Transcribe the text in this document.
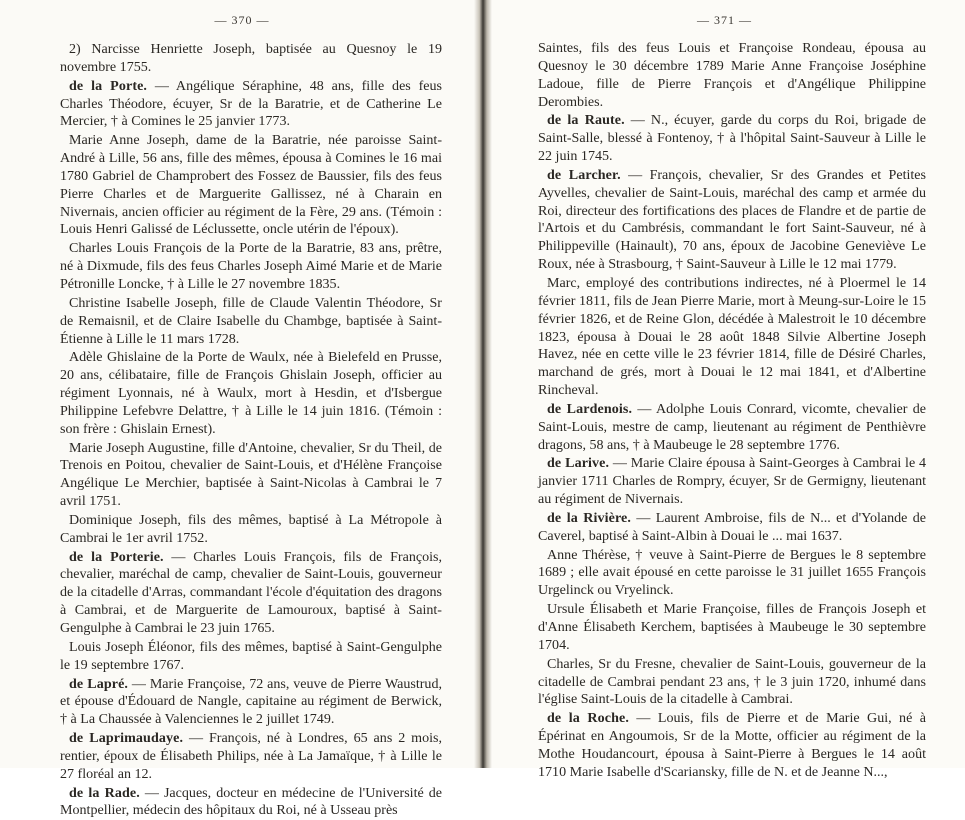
— 370 —

2) Narcisse Henriette Joseph, baptisée au Quesnoy le 19 novembre 1755.

de la Porte. — Angélique Séraphine, 48 ans, fille des feus Charles Théodore, écuyer, Sr de la Baratrie, et de Catherine Le Mercier, † à Comines le 25 janvier 1773.

Marie Anne Joseph, dame de la Baratrie, née paroisse Saint-André à Lille, 56 ans, fille des mêmes, épousa à Comines le 16 mai 1780 Gabriel de Champrobert des Fossez de Baussier, fils des feus Pierre Charles et de Marguerite Gallissez, né à Charain en Nivernais, ancien officier au régiment de la Fère, 29 ans. (Témoin : Louis Henri Galissé de Léclussette, oncle utérin de l'époux).

Charles Louis François de la Porte de la Baratrie, 83 ans, prêtre, né à Dixmude, fils des feus Charles Joseph Aimé Marie et de Marie Pétronille Loncke, † à Lille le 27 novembre 1835.

Christine Isabelle Joseph, fille de Claude Valentin Théodore, Sr de Remaisnil, et de Claire Isabelle du Chambge, baptisée à Saint-Étienne à Lille le 11 mars 1728.

Adèle Ghislaine de la Porte de Waulx, née à Bielefeld en Prusse, 20 ans, célibataire, fille de François Ghislain Joseph, officier au régiment Lyonnais, né à Waulx, mort à Hesdin, et d'Isbergue Philippine Lefebvre Delattre, † à Lille le 14 juin 1816. (Témoin : son frère : Ghislain Ernest).

Marie Joseph Augustine, fille d'Antoine, chevalier, Sr du Theil, de Trenois en Poitou, chevalier de Saint-Louis, et d'Hélène Françoise Angélique Le Merchier, baptisée à Saint-Nicolas à Cambrai le 7 avril 1751.

Dominique Joseph, fils des mêmes, baptisé à La Métropole à Cambrai le 1er avril 1752.

de la Porterie. — Charles Louis François, fils de François, chevalier, maréchal de camp, chevalier de Saint-Louis, gouverneur de la citadelle d'Arras, commandant l'école d'équitation des dragons à Cambrai, et de Marguerite de Lamouroux, baptisé à Saint-Gengulphe à Cambrai le 23 juin 1765.

Louis Joseph Éléonor, fils des mêmes, baptisé à Saint-Gengulphe le 19 septembre 1767.

de Lapré. — Marie Françoise, 72 ans, veuve de Pierre Waustrud, et épouse d'Édouard de Nangle, capitaine au régiment de Berwick, † à La Chaussée à Valenciennes le 2 juillet 1749.

de Laprimaudaye. — François, né à Londres, 65 ans 2 mois, rentier, époux de Élisabeth Philips, née à La Jamaïque, † à Lille le 27 floréal an 12.

de la Rade. — Jacques, docteur en médecine de l'Université de Montpellier, médecin des hôpitaux du Roi, né à Usseau près

— 371 —

Saintes, fils des feus Louis et Françoise Rondeau, épousa au Quesnoy le 30 décembre 1789 Marie Anne Françoise Joséphine Ladoue, fille de Pierre François et d'Angélique Philippine Derombies.

de la Raute. — N., écuyer, garde du corps du Roi, brigade de Saint-Salle, blessé à Fontenoy, † à l'hôpital Saint-Sauveur à Lille le 22 juin 1745.

de Larcher. — François, chevalier, Sr des Grandes et Petites Ayvelles, chevalier de Saint-Louis, maréchal des camp et armée du Roi, directeur des fortifications des places de Flandre et de partie de l'Artois et du Cambrésis, commandant le fort Saint-Sauveur, né à Philippeville (Hainault), 70 ans, époux de Jacobine Geneviève Le Roux, née à Strasbourg, † Saint-Sauveur à Lille le 12 mai 1779.

Marc, employé des contributions indirectes, né à Ploermel le 14 février 1811, fils de Jean Pierre Marie, mort à Meung-sur-Loire le 15 février 1826, et de Reine Glon, décédée à Malestroit le 10 décembre 1823, épousa à Douai le 28 août 1848 Silvie Albertine Joseph Havez, née en cette ville le 23 février 1814, fille de Désiré Charles, marchand de grés, mort à Douai le 12 mai 1841, et d'Albertine Rincheval.

de Lardenois. — Adolphe Louis Conrard, vicomte, chevalier de Saint-Louis, mestre de camp, lieutenant au régiment de Penthièvre dragons, 58 ans, † à Maubeuge le 28 septembre 1776.

de Larive. — Marie Claire épousa à Saint-Georges à Cambrai le 4 janvier 1711 Charles de Rompry, écuyer, Sr de Germigny, lieutenant au régiment de Nivernais.

de la Rivière. — Laurent Ambroise, fils de N... et d'Yolande de Caverel, baptisé à Saint-Albin à Douai le ... mai 1637.

Anne Thérèse, † veuve à Saint-Pierre de Bergues le 8 septembre 1689 ; elle avait épousé en cette paroisse le 31 juillet 1655 François Urgelinck ou Vryelinck.

Ursule Élisabeth et Marie Françoise, filles de François Joseph et d'Anne Élisabeth Kerchem, baptisées à Maubeuge le 30 septembre 1704.

Charles, Sr du Fresne, chevalier de Saint-Louis, gouverneur de la citadelle de Cambrai pendant 23 ans, † le 3 juin 1720, inhumé dans l'église Saint-Louis de la citadelle à Cambrai.

de la Roche. — Louis, fils de Pierre et de Marie Gui, né à Épérinat en Angoumois, Sr de la Motte, officier au régiment de la Mothe Houdancourt, épousa à Saint-Pierre à Bergues le 14 août 1710 Marie Isabelle d'Scariansky, fille de N. et de Jeanne N...,
